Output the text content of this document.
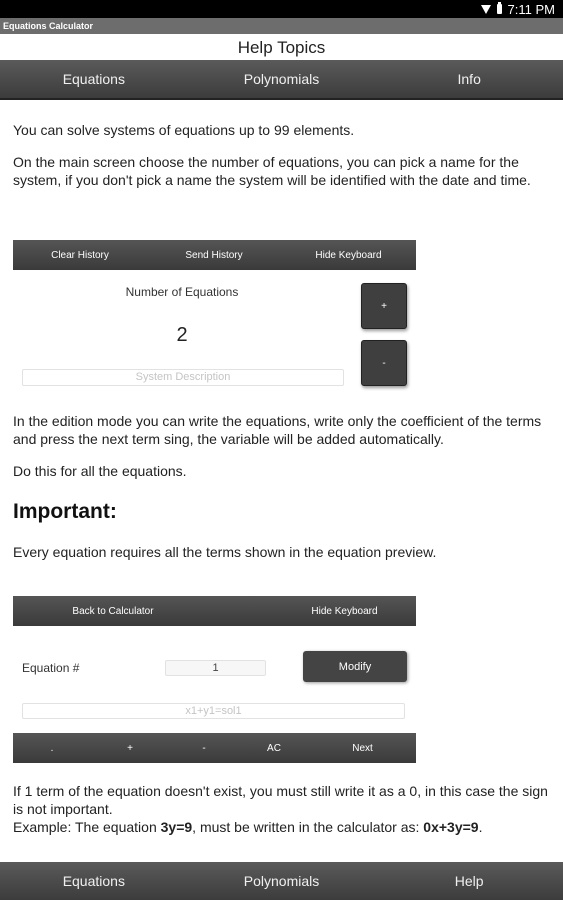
7:11 PM
Equations Calculator
Help Topics
Equations	Polynomials	Info
You can solve systems of equations up to 99 elements.
On the main screen choose the number of equations, you can pick a name for the system, if you don't pick a name the system will be identified with the date and time.
Clear History	Send History	Hide Keyboard
Number of Equations
2
+
-
System Description
In the edition mode you can write the equations, write only the coefficient of the terms and press the next term sing, the variable will be added automatically.
Do this for all the equations.
Important:
Every equation requires all the terms shown in the equation preview.
Back to Calculator	Hide Keyboard
Equation #	1	Modify
x1+y1=sol1
.	+	-	AC	Next
If 1 term of the equation doesn't exist, you must still write it as a 0, in this case the sign is not important.
Example: The equation 3y=9, must be written in the calculator as: 0x+3y=9.
Equations	Polynomials	Help
